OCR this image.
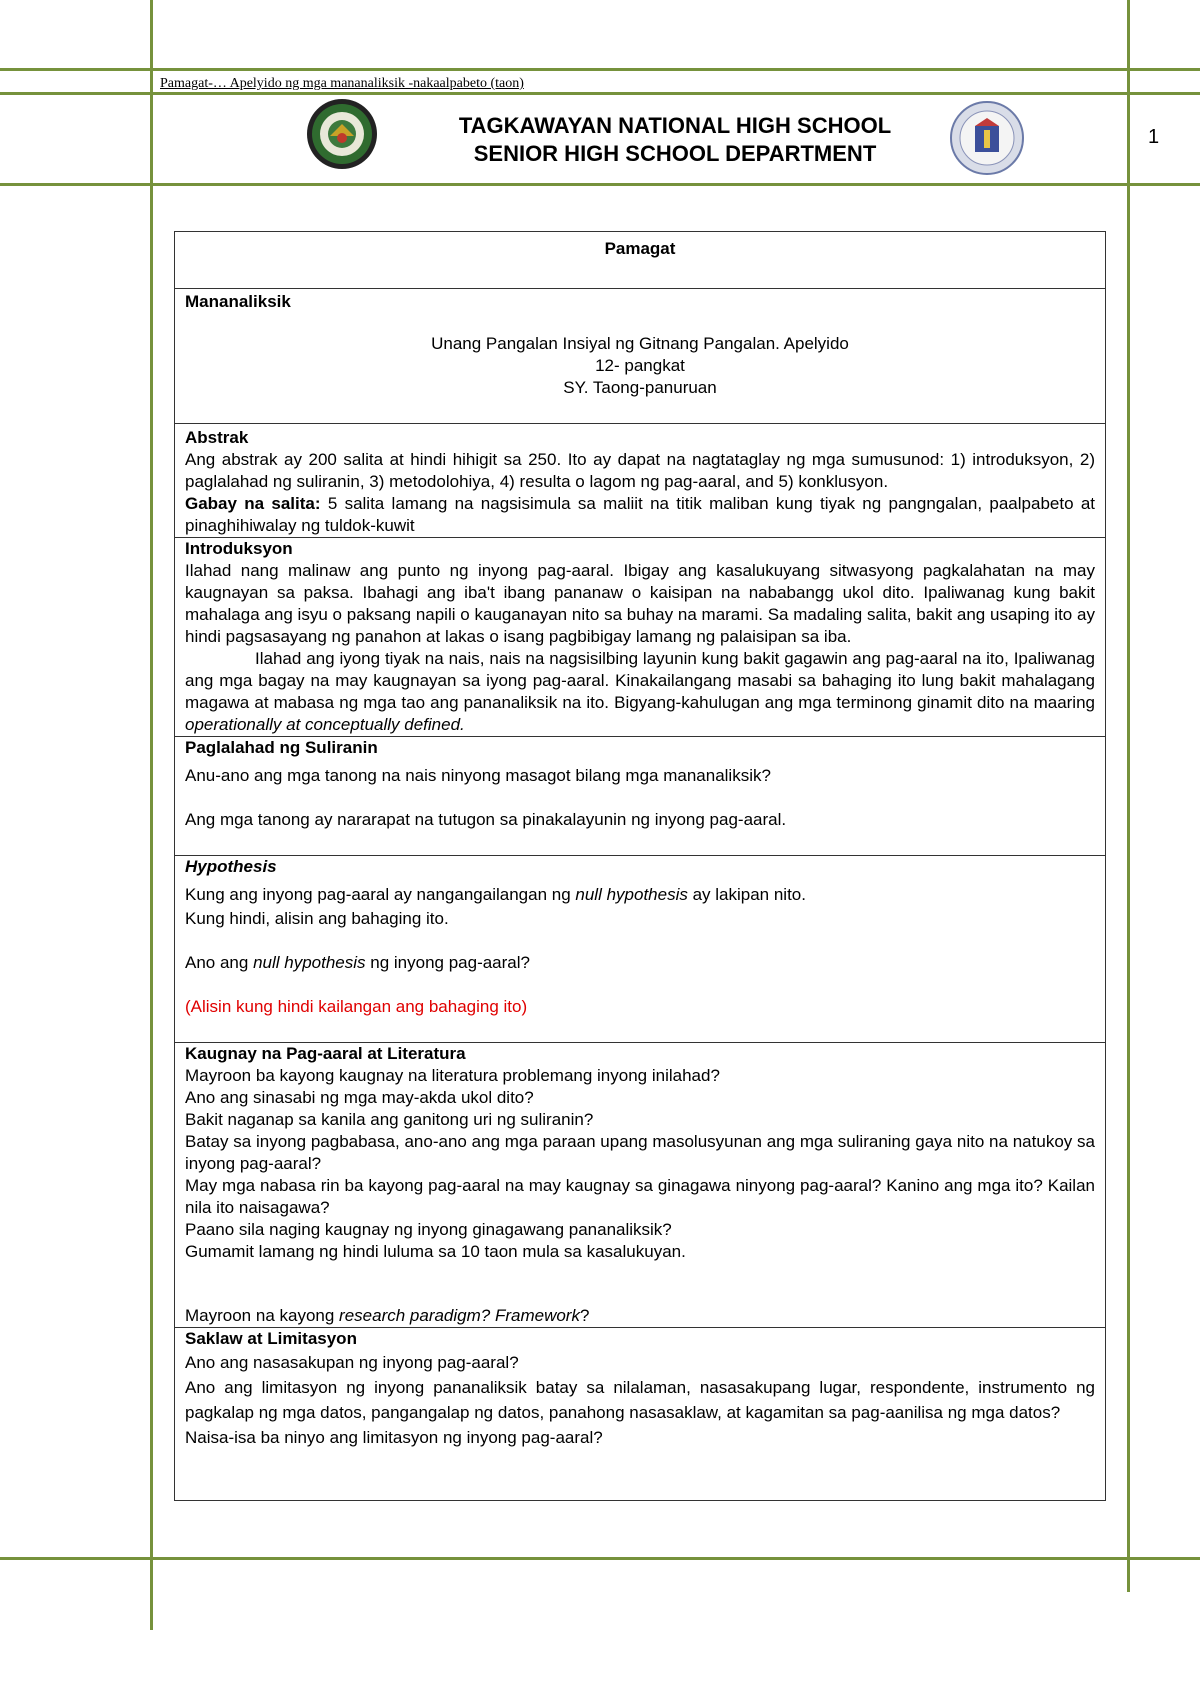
Pamagat-… Apelyido ng mga mananaliksik -nakaalpabeto (taon)
TAGKAWAYAN NATIONAL HIGH SCHOOL
SENIOR HIGH SCHOOL DEPARTMENT
1
Pamagat

Mananaliksik
Unang Pangalan Insiyal ng Gitnang Pangalan. Apelyido
12- pangkat
SY. Taong-panuruan

Abstrak

Ang abstrak ay 200 salita at hindi hihigit sa 250. Ito ay dapat na nagtataglay ng mga sumusunod: 1) introduksyon, 2) paglalahad ng suliranin, 3) metodolohiya, 4) resulta o lagom ng pag-aaral, and 5) konklusyon.

Gabay na salita: 5 salita lamang na nagsisimula sa maliit na titik maliban kung tiyak ng pangngalan, paalpabeto at pinaghihiwalay ng tuldok-kuwit

Introduksyon

Ilahad nang malinaw ang punto ng inyong pag-aaral. Ibigay ang kasalukuyang sitwasyong pagkalahatan na may kaugnayan sa paksa. Ibahagi ang iba't ibang pananaw o kaisipan na nababangg ukol dito. Ipaliwanag kung bakit mahalaga ang isyu o paksang napili o kauganayan nito sa buhay na marami. Sa madaling salita, bakit ang usaping ito ay hindi pagsasayang ng panahon at lakas o isang pagbibigay lamang ng palaisipan sa iba.

Ilahad ang iyong tiyak na nais, nais na nagsisilbing layunin kung bakit gagawin ang pag-aaral na ito, Ipaliwanag ang mga bagay na may kaugnayan sa iyong pag-aaral. Kinakailangang masabi sa bahaging ito lung bakit mahalagang magawa at mabasa ng mga tao ang pananaliksik na ito. Bigyang-kahulugan ang mga terminong ginamit dito na maaring operationally at conceptually defined.

Paglalahad ng Suliranin

Anu-ano ang mga tanong na nais ninyong masagot bilang mga mananaliksik?

Ang mga tanong ay nararapat na tutugon sa pinakalayunin ng inyong pag-aaral.

Hypothesis

Kung ang inyong pag-aaral ay nangangailangan ng null hypothesis ay lakipan nito.

Kung hindi, alisin ang bahaging ito.

Ano ang null hypothesis ng inyong pag-aaral?

(Alisin kung hindi kailangan ang bahaging ito)

Kaugnay na Pag-aaral at Literatura

Mayroon ba kayong kaugnay na literatura problemang inyong inilahad?

Ano ang sinasabi ng mga may-akda ukol dito?

Bakit naganap sa kanila ang ganitong uri ng suliranin?

Batay sa inyong pagbabasa, ano-ano ang mga paraan upang masolusyunan ang mga suliraning gaya nito na natukoy sa inyong pag-aaral?

May mga nabasa rin ba kayong pag-aaral na may kaugnay sa ginagawa ninyong pag-aaral? Kanino ang mga ito? Kailan nila ito naisagawa?

Paano sila naging kaugnay ng inyong ginagawang pananaliksik?

Gumamit lamang ng hindi luluma sa 10 taon mula sa kasalukuyan.

Mayroon na kayong research paradigm? Framework?

Saklaw at Limitasyon

Ano ang nasasakupan ng inyong pag-aaral?

Ano ang limitasyon ng inyong pananaliksik batay sa nilalaman, nasasakupang lugar, respondente, instrumento ng pagkalap ng mga datos, pangangalap ng datos, panahong nasasaklaw, at kagamitan sa pag-aanilisa ng mga datos?

Naisa-isa ba ninyo ang limitasyon ng inyong pag-aaral?
